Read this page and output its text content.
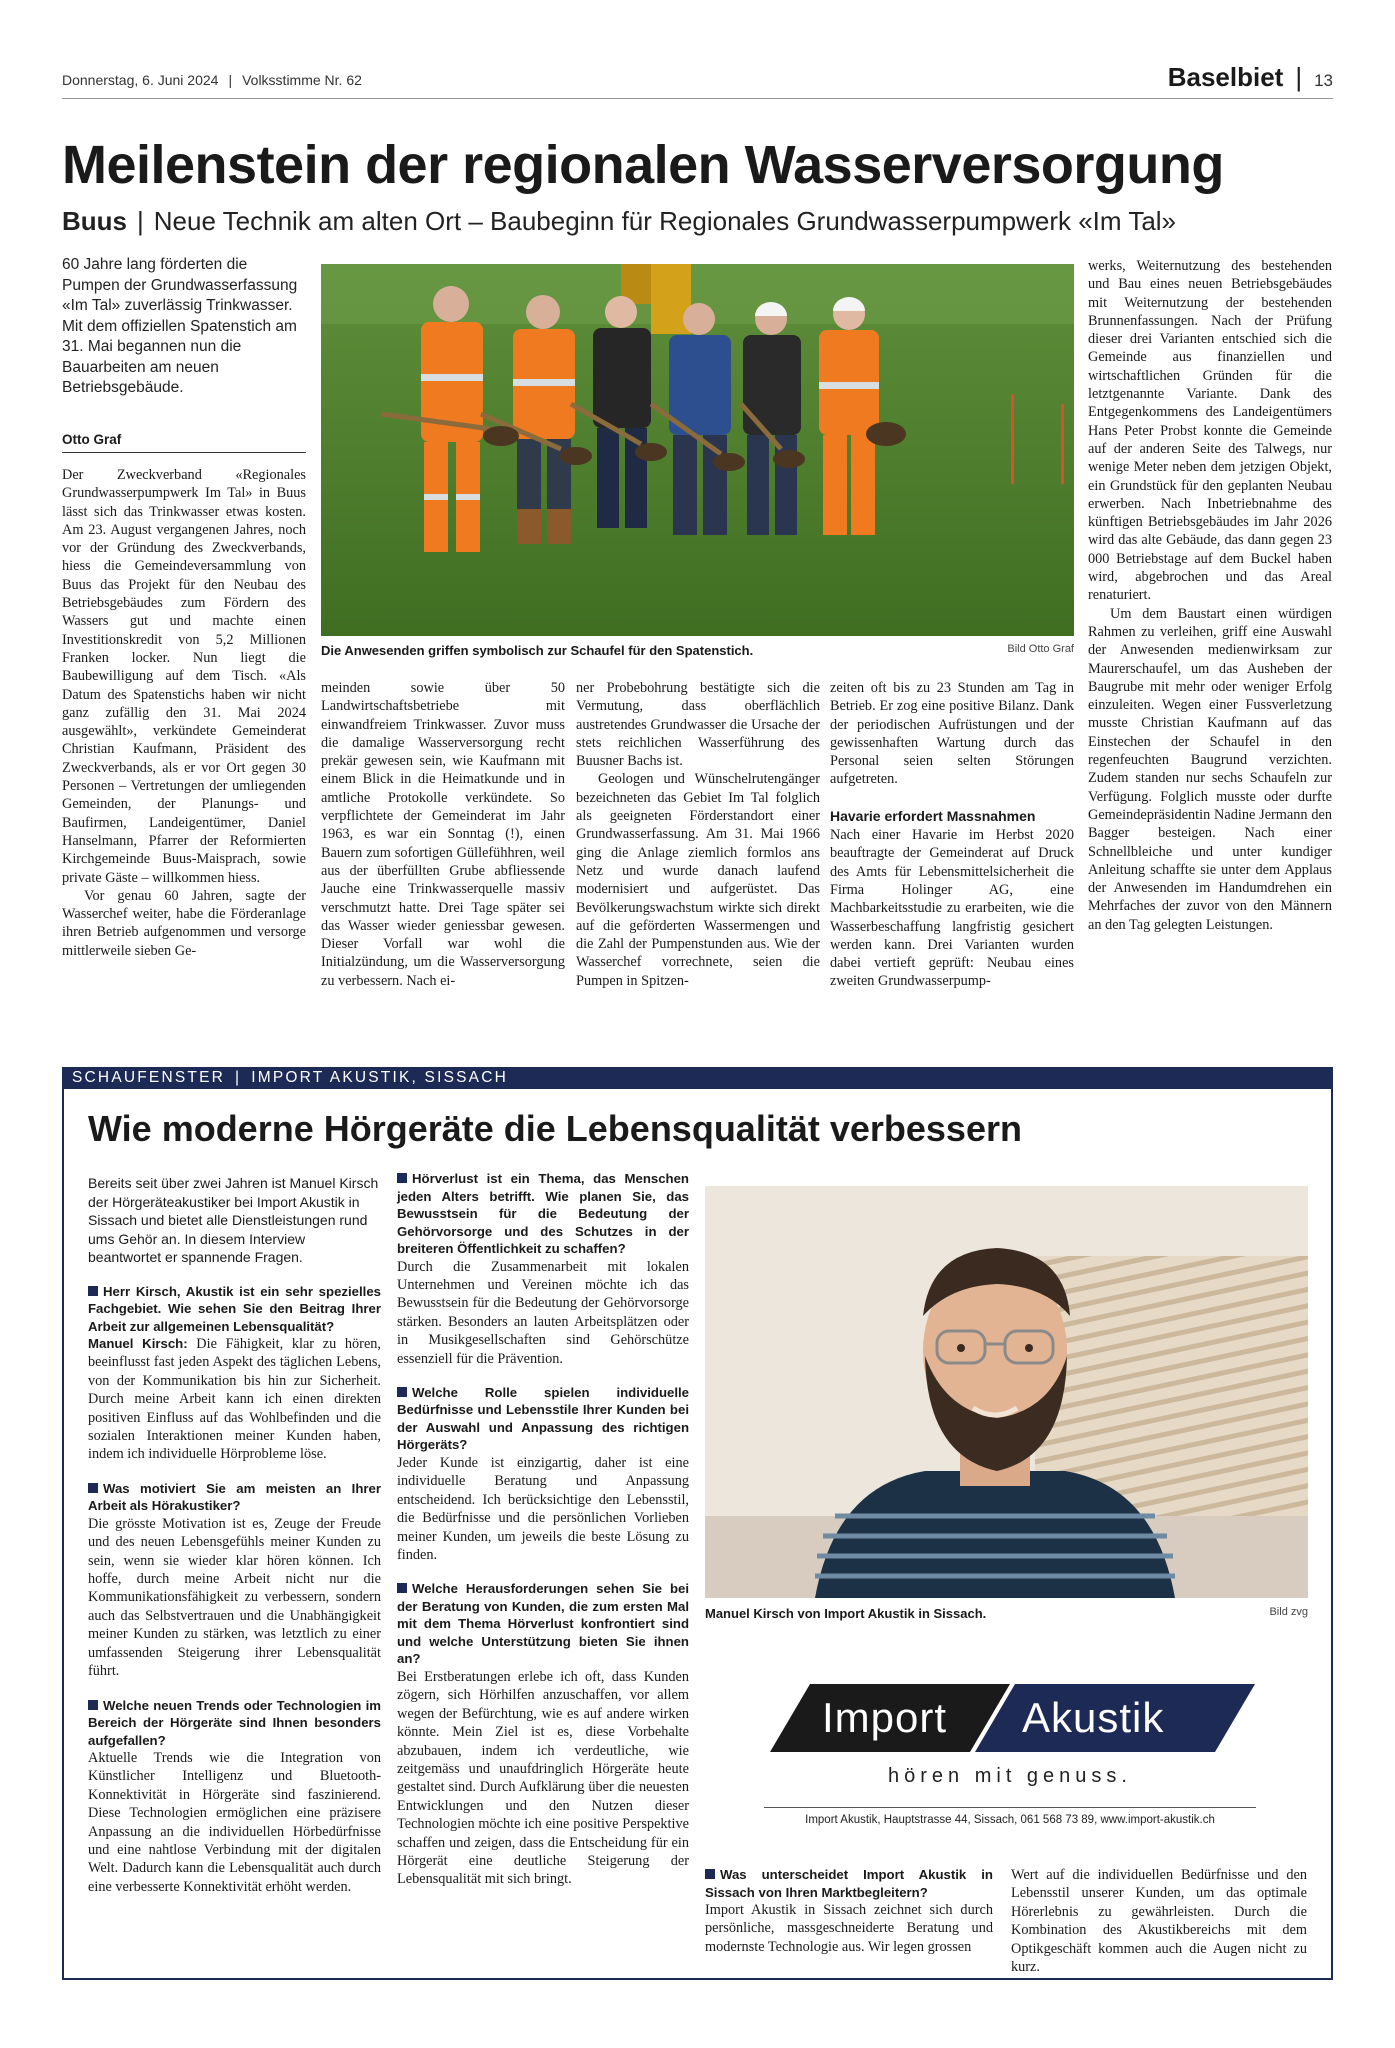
Donnerstag, 6. Juni 2024 | Volksstimme Nr. 62	Baselbiet | 13
Meilenstein der regionalen Wasserversorgung
Buus | Neue Technik am alten Ort – Baubeginn für Regionales Grundwasserpumpwerk «Im Tal»
60 Jahre lang förderten die Pumpen der Grundwasserfassung «Im Tal» zuverlässig Trinkwasser. Mit dem offiziellen Spatenstich am 31. Mai begannen nun die Bauarbeiten am neuen Betriebsgebäude.
Otto Graf
Die Anwesenden griffen symbolisch zur Schaufel für den Spatenstich.	Bild Otto Graf

Der Zweckverband «Regionales Grundwasserpumpwerk Im Tal» in Buus lässt sich das Trinkwasser etwas kosten. Am 23. August vergangenen Jahres, noch vor der Gründung des Zweckverbands, hiess die Gemeindeversammlung von Buus das Projekt für den Neubau des Betriebsgebäudes zum Fördern des Wassers gut und machte einen Investitionskredit von 5,2 Millionen Franken locker. Nun liegt die Baubewilligung auf dem Tisch. «Als Datum des Spatenstichs haben wir nicht ganz zufällig den 31. Mai 2024 ausgewählt», verkündete Gemeinderat Christian Kaufmann, Präsident des Zweckverbands, als er vor Ort gegen 30 Personen – Vertretungen der umliegenden Gemeinden, der Planungs- und Baufirmen, Landeigentümer, Daniel Hanselmann, Pfarrer der Reformierten Kirchgemeinde Buus-Maisprach, sowie private Gäste – willkommen hiess.

Vor genau 60 Jahren, sagte der Wasserchef weiter, habe die Förderanlage ihren Betrieb aufgenommen und versorge mittlerweile sieben Ge-

meinden sowie über 50 Landwirtschaftsbetriebe mit einwandfreiem Trinkwasser. Zuvor muss die damalige Wasserversorgung recht prekär gewesen sein, wie Kaufmann mit einem Blick in die Heimatkunde und in amtliche Protokolle verkündete. So verpflichtete der Gemeinderat im Jahr 1963, es war ein Sonntag (!), einen Bauern zum sofortigen Güllefühhren, weil aus der überfüllten Grube abfliessende Jauche eine Trinkwasserquelle massiv verschmutzt hatte. Drei Tage später sei das Wasser wieder geniessbar gewesen. Dieser Vorfall war wohl die Initialzündung, um die Wasserversorgung zu verbessern. Nach ei-

ner Probebohrung bestätigte sich die Vermutung, dass oberflächlich austretendes Grundwasser die Ursache der stets reichlichen Wasserführung des Buusner Bachs ist.

Geologen und Wünschelrutengänger bezeichneten das Gebiet Im Tal folglich als geeigneten Förderstandort einer Grundwasserfassung. Am 31. Mai 1966 ging die Anlage ziemlich formlos ans Netz und wurde danach laufend modernisiert und aufgerüstet. Das Bevölkerungswachstum wirkte sich direkt auf die geförderten Wassermengen und die Zahl der Pumpenstunden aus. Wie der Wasserchef vorrechnete, seien die Pumpen in Spitzen-

zeiten oft bis zu 23 Stunden am Tag in Betrieb. Er zog eine positive Bilanz. Dank der periodischen Aufrüstungen und der gewissenhaften Wartung durch das Personal seien selten Störungen aufgetreten.

Havarie erfordert Massnahmen

Nach einer Havarie im Herbst 2020 beauftragte der Gemeinderat auf Druck des Amts für Lebensmittelsicherheit die Firma Holinger AG, eine Machbarkeitsstudie zu erarbeiten, wie die Wasserbeschaffung langfristig gesichert werden kann. Drei Varianten wurden dabei vertieft geprüft: Neubau eines zweiten Grundwasserpump-

werks, Weiternutzung des bestehenden und Bau eines neuen Betriebsgebäudes mit Weiternutzung der bestehenden Brunnenfassungen. Nach der Prüfung dieser drei Varianten entschied sich die Gemeinde aus finanziellen und wirtschaftlichen Gründen für die letztgenannte Variante. Dank des Entgegenkommens des Landeigentümers Hans Peter Probst konnte die Gemeinde auf der anderen Seite des Talwegs, nur wenige Meter neben dem jetzigen Objekt, ein Grundstück für den geplanten Neubau erwerben. Nach Inbetriebnahme des künftigen Betriebsgebäudes im Jahr 2026 wird das alte Gebäude, das dann gegen 23 000 Betriebstage auf dem Buckel haben wird, abgebrochen und das Areal renaturiert.

Um dem Baustart einen würdigen Rahmen zu verleihen, griff eine Auswahl der Anwesenden medienwirksam zur Maurerschaufel, um das Ausheben der Baugrube mit mehr oder weniger Erfolg einzuleiten. Wegen einer Fussverletzung musste Christian Kaufmann auf das Einstechen der Schaufel in den regenfeuchten Baugrund verzichten. Zudem standen nur sechs Schaufeln zur Verfügung. Folglich musste oder durfte Gemeindepräsidentin Nadine Jermann den Bagger besteigen. Nach einer Schnellbleiche und unter kundiger Anleitung schaffte sie unter dem Applaus der Anwesenden im Handumdrehen ein Mehrfaches der zuvor von den Männern an den Tag gelegten Leistungen.

SCHAUFENSTER | IMPORT AKUSTIK, SISSACH
Wie moderne Hörgeräte die Lebensqualität verbessern
Bereits seit über zwei Jahren ist Manuel Kirsch der Hörgeräteakustiker bei Import Akustik in Sissach und bietet alle Dienstleistungen rund ums Gehör an. In diesem Interview beantwortet er spannende Fragen.
Herr Kirsch, Akustik ist ein sehr spezielles Fachgebiet. Wie sehen Sie den Beitrag Ihrer Arbeit zur allgemeinen Lebensqualität?
Manuel Kirsch: Die Fähigkeit, klar zu hören, beeinflusst fast jeden Aspekt des täglichen Lebens, von der Kommunikation bis hin zur Sicherheit. Durch meine Arbeit kann ich einen direkten positiven Einfluss auf das Wohlbefinden und die sozialen Interaktionen meiner Kunden haben, indem ich individuelle Hörprobleme löse.
Was motiviert Sie am meisten an Ihrer Arbeit als Hörakustiker?
Die grösste Motivation ist es, Zeuge der Freude und des neuen Lebensgefühls meiner Kunden zu sein, wenn sie wieder klar hören können. Ich hoffe, durch meine Arbeit nicht nur die Kommunikationsfähigkeit zu verbessern, sondern auch das Selbstvertrauen und die Unabhängigkeit meiner Kunden zu stärken, was letztlich zu einer umfassenden Steigerung ihrer Lebensqualität führt.
Welche neuen Trends oder Technologien im Bereich der Hörgeräte sind Ihnen besonders aufgefallen?
Aktuelle Trends wie die Integration von Künstlicher Intelligenz und Bluetooth-Konnektivität in Hörgeräte sind faszinierend. Diese Technologien ermöglichen eine präzisere Anpassung an die individuellen Hörbedürfnisse und eine nahtlose Verbindung mit der digitalen Welt. Dadurch kann die Lebensqualität auch durch eine verbesserte Konnektivität erhöht werden.
Hörverlust ist ein Thema, das Menschen jeden Alters betrifft. Wie planen Sie, das Bewusstsein für die Bedeutung der Gehörvorsorge und des Schutzes in der breiteren Öffentlichkeit zu schaffen?
Durch die Zusammenarbeit mit lokalen Unternehmen und Vereinen möchte ich das Bewusstsein für die Bedeutung der Gehörvorsorge stärken. Besonders an lauten Arbeitsplätzen oder in Musikgesellschaften sind Gehörschütze essenziell für die Prävention.
Welche Rolle spielen individuelle Bedürfnisse und Lebensstile Ihrer Kunden bei der Auswahl und Anpassung des richtigen Hörgeräts?
Jeder Kunde ist einzigartig, daher ist eine individuelle Beratung und Anpassung entscheidend. Ich berücksichtige den Lebensstil, die Bedürfnisse und die persönlichen Vorlieben meiner Kunden, um jeweils die beste Lösung zu finden.
Welche Herausforderungen sehen Sie bei der Beratung von Kunden, die zum ersten Mal mit dem Thema Hörverlust konfrontiert sind und welche Unterstützung bieten Sie ihnen an?
Bei Erstberatungen erlebe ich oft, dass Kunden zögern, sich Hörhilfen anzuschaffen, vor allem wegen der Befürchtung, wie es auf andere wirken könnte. Mein Ziel ist es, diese Vorbehalte abzubauen, indem ich verdeutliche, wie zeitgemäss und unaufdringlich Hörgeräte heute gestaltet sind. Durch Aufklärung über die neuesten Entwicklungen und den Nutzen dieser Technologien möchte ich eine positive Perspektive schaffen und zeigen, dass die Entscheidung für ein Hörgerät eine deutliche Steigerung der Lebensqualität mit sich bringt.
Manuel Kirsch von Import Akustik in Sissach.	Bild zvg
Import Akustik
hören mit genuss.
Import Akustik, Hauptstrasse 44, Sissach, 061 568 73 89, www.import-akustik.ch
Was unterscheidet Import Akustik in Sissach von Ihren Marktbegleitern?
Import Akustik in Sissach zeichnet sich durch persönliche, massgeschneiderte Beratung und modernste Technologie aus. Wir legen grossen
Wert auf die individuellen Bedürfnisse und den Lebensstil unserer Kunden, um das optimale Hörerlebnis zu gewährleisten. Durch die Kombination des Akustikbereichs mit dem Optikgeschäft kommen auch die Augen nicht zu kurz.
